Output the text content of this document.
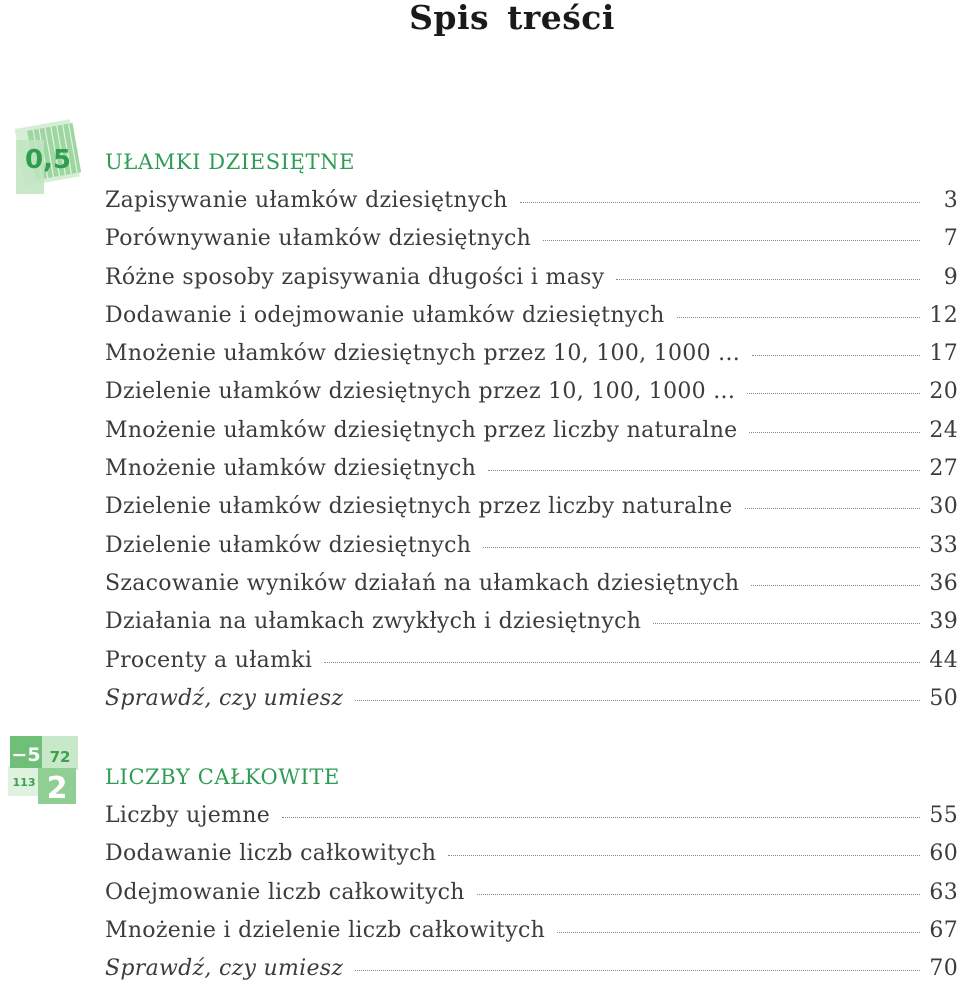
Spis treści
0,5 UŁAMKI DZIESIĘTNE
Zapisywanie ułamków dziesiętnych	3
Porównywanie ułamków dziesiętnych	7
Różne sposoby zapisywania długości i masy	9
Dodawanie i odejmowanie ułamków dziesiętnych	12
Mnożenie ułamków dziesiętnych przez 10, 100, 1000 ...	17
Dzielenie ułamków dziesiętnych przez 10, 100, 1000 ...	20
Mnożenie ułamków dziesiętnych przez liczby naturalne	24
Mnożenie ułamków dziesiętnych	27
Dzielenie ułamków dziesiętnych przez liczby naturalne	30
Dzielenie ułamków dziesiętnych	33
Szacowanie wyników działań na ułamkach dziesiętnych	36
Działania na ułamkach zwykłych i dziesiętnych	39
Procenty a ułamki	44
Sprawdź, czy umiesz	50
−5 72
113 2 LICZBY CAŁKOWITE
Liczby ujemne	55
Dodawanie liczb całkowitych	60
Odejmowanie liczb całkowitych	63
Mnożenie i dzielenie liczb całkowitych	67
Sprawdź, czy umiesz	70
